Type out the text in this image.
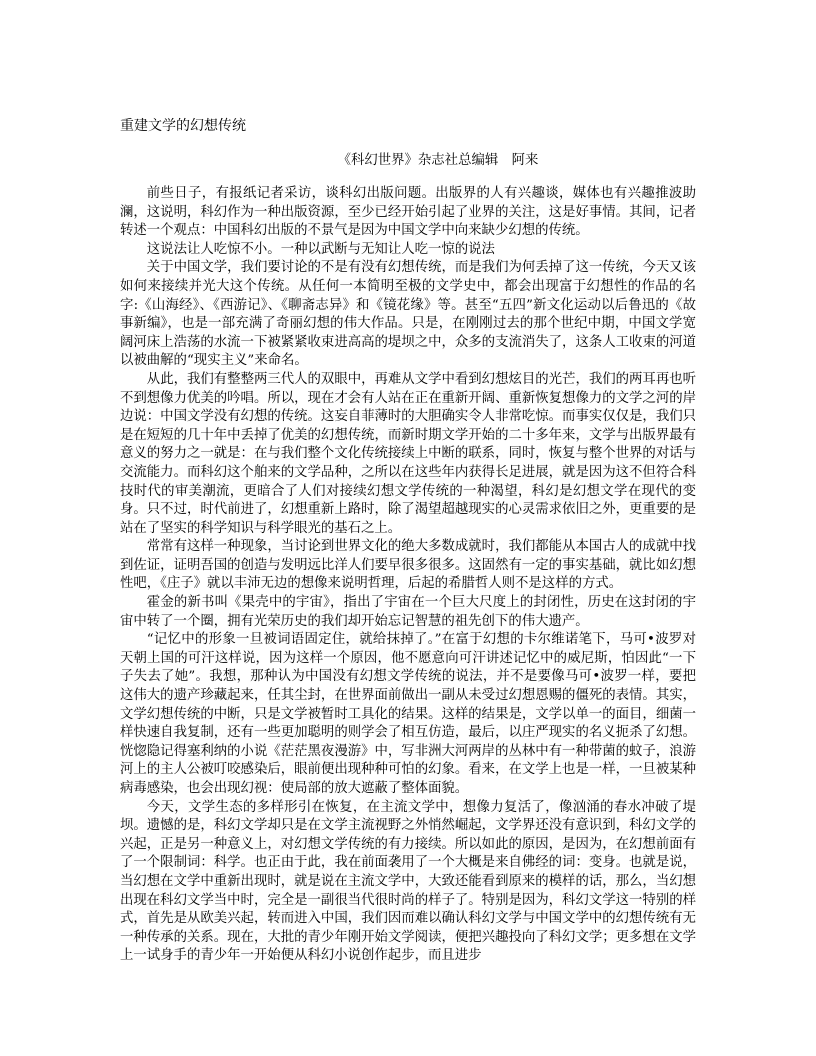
重建文学的幻想传统
《科幻世界》杂志社总编辑　阿来

前些日子，有报纸记者采访，谈科幻出版问题。出版界的人有兴趣谈，媒体也有兴趣推波助澜，这说明，科幻作为一种出版资源，至少已经开始引起了业界的关注，这是好事情。其间，记者转述一个观点：中国科幻出版的不景气是因为中国文学中向来缺少幻想的传统。

这说法让人吃惊不小。一种以武断与无知让人吃一惊的说法

关于中国文学，我们要讨论的不是有没有幻想传统，而是我们为何丢掉了这一传统，今天又该如何来接续并光大这个传统。从任何一本简明至极的文学史中，都会出现富于幻想性的作品的名字:《山海经》、《西游记》、《聊斋志异》和《镜花缘》等。甚至“五四”新文化运动以后鲁迅的《故事新编》，也是一部充满了奇丽幻想的伟大作品。只是，在刚刚过去的那个世纪中期，中国文学宽阔河床上浩荡的水流一下被紧紧收束进高高的堤坝之中，众多的支流消失了，这条人工收束的河道以被曲解的“现实主义”来命名。

从此，我们有整整两三代人的双眼中，再难从文学中看到幻想炫目的光芒，我们的两耳再也听不到想像力优美的吟唱。所以，现在才会有人站在正在重新开阔、重新恢复想像力的文学之河的岸边说：中国文学没有幻想的传统。这妄自菲薄时的大胆确实令人非常吃惊。而事实仅仅是，我们只是在短短的几十年中丢掉了优美的幻想传统，而新时期文学开始的二十多年来，文学与出版界最有意义的努力之一就是：在与我们整个文化传统接续上中断的联系，同时，恢复与整个世界的对话与交流能力。而科幻这个舶来的文学品种，之所以在这些年内获得长足进展，就是因为这不但符合科技时代的审美潮流，更暗合了人们对接续幻想文学传统的一种渴望，科幻是幻想文学在现代的变身。只不过，时代前进了，幻想重新上路时，除了渴望超越现实的心灵需求依旧之外，更重要的是站在了坚实的科学知识与科学眼光的基石之上。

常常有这样一种现象，当讨论到世界文化的绝大多数成就时，我们都能从本国古人的成就中找到佐证，证明吾国的创造与发明远比洋人们要早很多很多。这固然有一定的事实基础，就比如幻想性吧，《庄子》就以丰沛无边的想像来说明哲理，后起的希腊哲人则不是这样的方式。

霍金的新书叫《果壳中的宇宙》，指出了宇宙在一个巨大尺度上的封闭性，历史在这封闭的宇宙中转了一个圈，拥有光荣历史的我们却开始忘记智慧的祖先创下的伟大遗产。

“记忆中的形象一旦被词语固定住，就给抹掉了。”在富于幻想的卡尔维诺笔下，马可•波罗对天朝上国的可汗这样说，因为这样一个原因，他不愿意向可汗讲述记忆中的威尼斯，怕因此“一下子失去了她”。我想，那种认为中国没有幻想文学传统的说法，并不是要像马可•波罗一样，要把这伟大的遗产珍藏起来，任其尘封，在世界面前做出一副从未受过幻想恩赐的僵死的表情。其实，文学幻想传统的中断，只是文学被暂时工具化的结果。这样的结果是，文学以单一的面目，细菌一样快速自我复制，还有一些更加聪明的则学会了相互仿造，最后，以庄严现实的名义扼杀了幻想。恍惚隐记得塞利纳的小说《茫茫黑夜漫游》中，写非洲大河两岸的丛林中有一种带菌的蚊子，浪游河上的主人公被叮咬感染后，眼前便出现种种可怕的幻象。看来，在文学上也是一样，一旦被某种病毒感染，也会出现幻视：使局部的放大遮蔽了整体面貌。

今天，文学生态的多样形引在恢复，在主流文学中，想像力复活了，像汹涌的春水冲破了堤坝。遗憾的是，科幻文学却只是在文学主流视野之外悄然崛起，文学界还没有意识到，科幻文学的兴起，正是另一种意义上，对幻想文学传统的有力接续。所以如此的原因，是因为，在幻想前面有了一个限制词：科学。也正由于此，我在前面袭用了一个大概是来自佛经的词：变身。也就是说，当幻想在文学中重新出现时，就是说在主流文学中，大致还能看到原来的模样的话，那么，当幻想出现在科幻文学当中时，完全是一副很当代很时尚的样子了。特别是因为，科幻文学这一特别的样式，首先是从欧美兴起，转而进入中国，我们因而难以确认科幻文学与中国文学中的幻想传统有无一种传承的关系。现在，大批的青少年刚开始文学阅读，便把兴趣投向了科幻文学；更多想在文学上一试身手的青少年一开始便从科幻小说创作起步，而且进步
